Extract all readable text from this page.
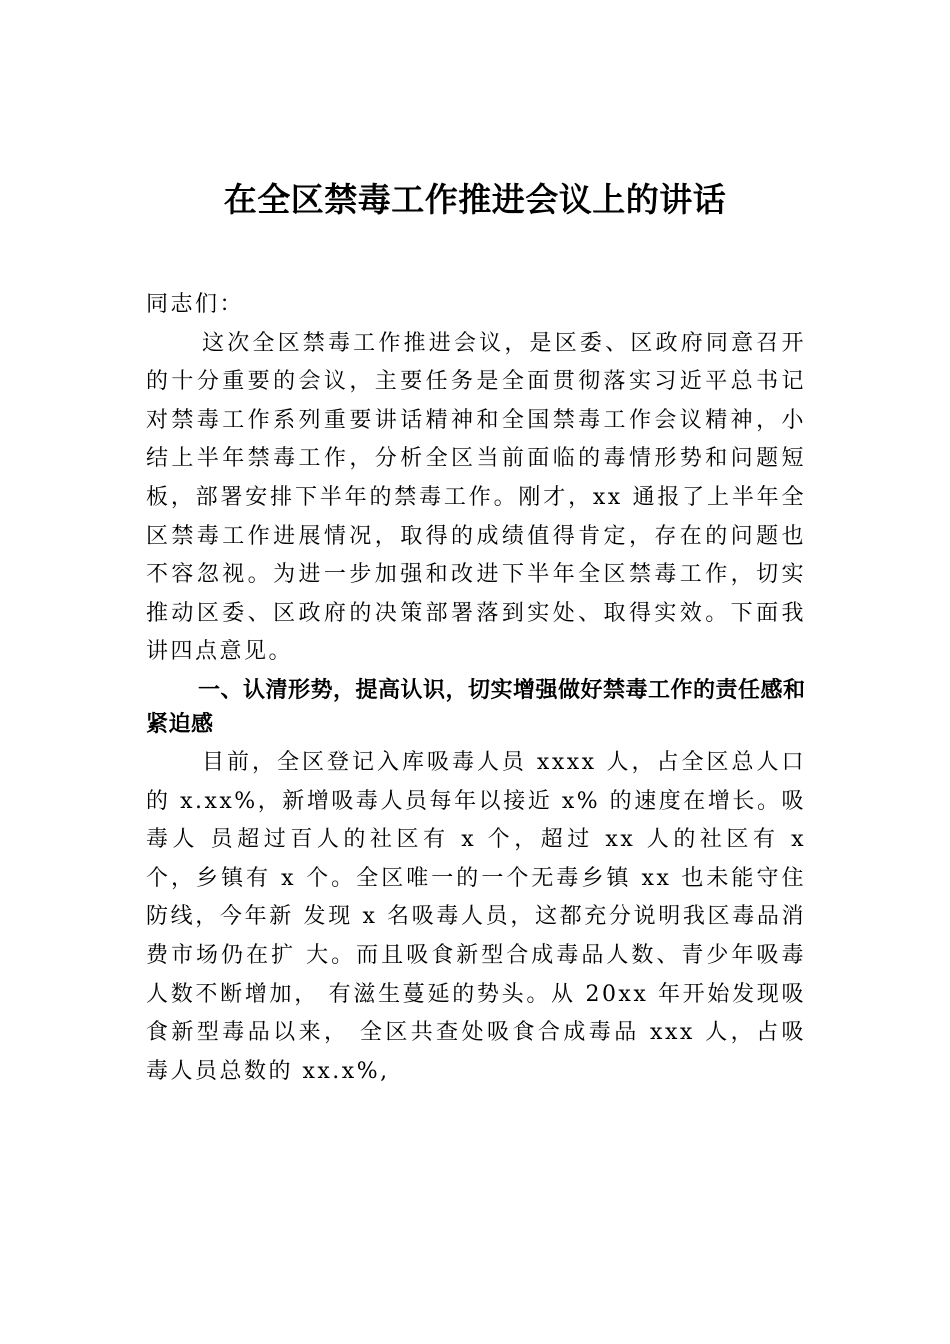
在全区禁毒工作推进会议上的讲话

同志们：

这次全区禁毒工作推进会议，是区委、区政府同意召开的十分重要的会议，主要任务是全面贯彻落实习近平总书记对禁毒工作系列重要讲话精神和全国禁毒工作会议精神，小结上半年禁毒工作，分析全区当前面临的毒情形势和问题短板，部署安排下半年的禁毒工作。刚才，xx 通报了上半年全 区禁毒工作进展情况，取得的成绩值得肯定，存在的问题也 不容忽视。为进一步加强和改进下半年全区禁毒工作，切实 推动区委、区政府的决策部署落到实处、取得实效。下面我 讲四点意见。

一、认清形势，提高认识，切实增强做好禁毒工作的责任感和紧迫感

目前，全区登记入库吸毒人员 xxxx 人，占全区总人口的 x.xx%，新增吸毒人员每年以接近 x% 的速度在增长。吸毒人 员超过百人的社区有 x 个，超过 xx 人的社区有 x 个，乡镇有 x 个。全区唯一的一个无毒乡镇 xx 也未能守住防线，今年新 发现 x 名吸毒人员，这都充分说明我区毒品消费市场仍在扩 大。而且吸食新型合成毒品人数、青少年吸毒人数不断增加， 有滋生蔓延的势头。从 20xx 年开始发现吸食新型毒品以来， 全区共查处吸食合成毒品 xxx 人，占吸毒人员总数的 xx.x%,
